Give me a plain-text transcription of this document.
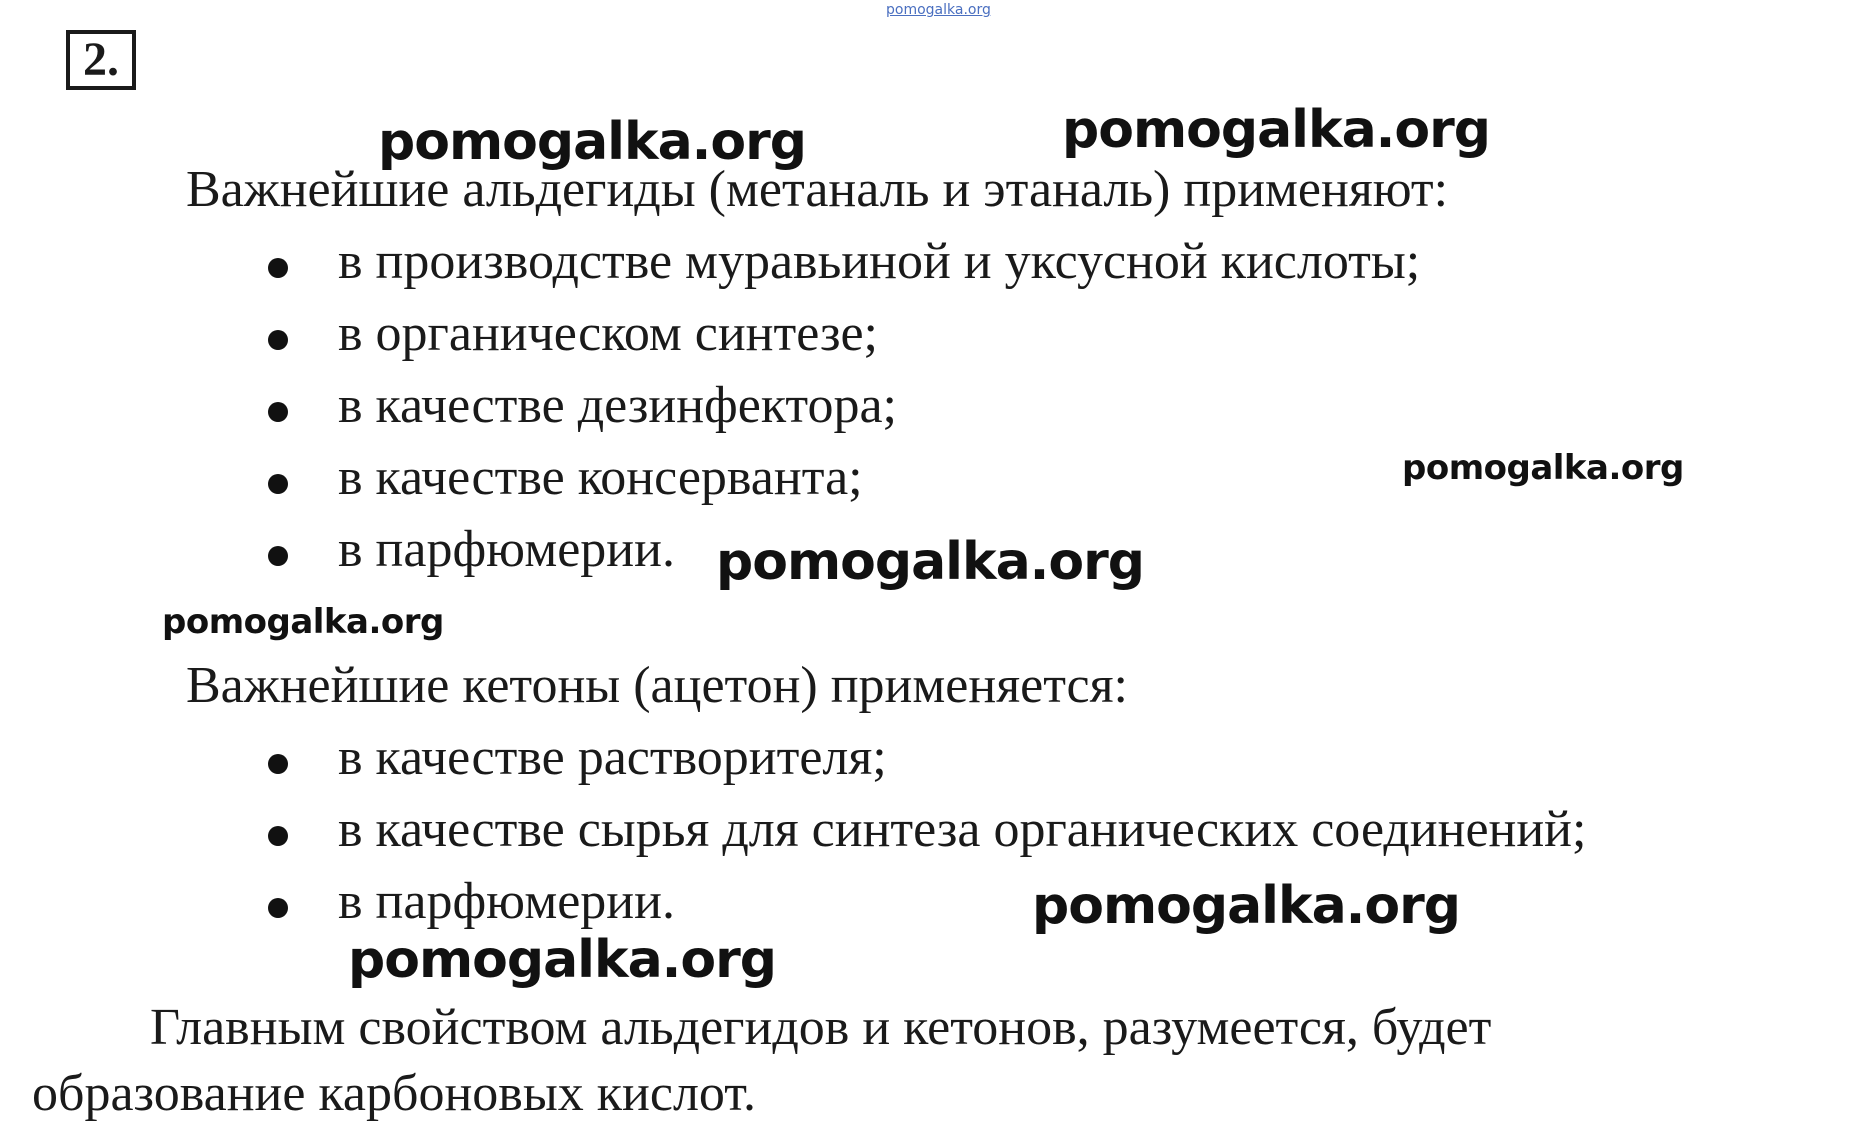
pomogalka.org
2.
pomogalka.org	pomogalka.org
Важнейшие альдегиды (метаналь и этаналь) применяют:
в производстве муравьиной и уксусной кислоты;
в органическом синтезе;
в качестве дезинфектора;
в качестве консерванта;	pomogalka.org
в парфюмерии. pomogalka.org
pomogalka.org
Важнейшие кетоны (ацетон) применяется:
в качестве растворителя;
в качестве сырья для синтеза органических соединений;
в парфюмерии.	pomogalka.org
pomogalka.org
Главным свойством альдегидов и кетонов, разумеется, будет
образование карбоновых кислот.
